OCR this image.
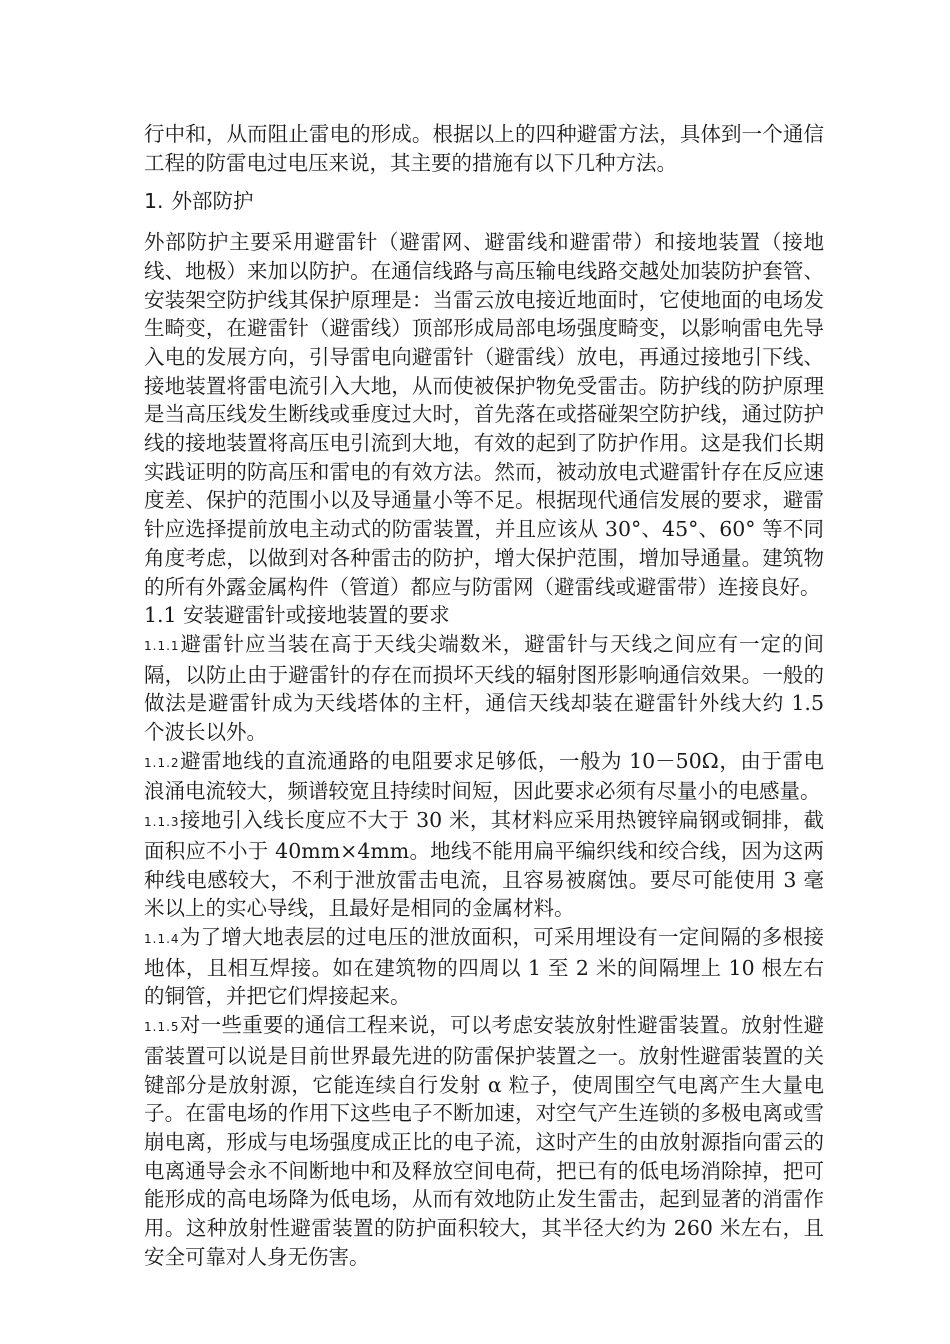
行中和，从而阻止雷电的形成。根据以上的四种避雷方法，具体到一个通信工程的防雷电过电压来说，其主要的措施有以下几种方法。

1. 外部防护

外部防护主要采用避雷针（避雷网、避雷线和避雷带）和接地装置（接地线、地极）来加以防护。在通信线路与高压输电线路交越处加装防护套管、安装架空防护线其保护原理是：当雷云放电接近地面时，它使地面的电场发生畸变，在避雷针（避雷线）顶部形成局部电场强度畸变，以影响雷电先导入电的发展方向，引导雷电向避雷针（避雷线）放电，再通过接地引下线、接地装置将雷电流引入大地，从而使被保护物免受雷击。防护线的防护原理是当高压线发生断线或垂度过大时，首先落在或搭碰架空防护线，通过防护线的接地装置将高压电引流到大地，有效的起到了防护作用。这是我们长期实践证明的防高压和雷电的有效方法。然而，被动放电式避雷针存在反应速度差、保护的范围小以及导通量小等不足。根据现代通信发展的要求，避雷针应选择提前放电主动式的防雷装置，并且应该从 30°、45°、60° 等不同角度考虑，以做到对各种雷击的防护，增大保护范围，增加导通量。建筑物的所有外露金属构件（管道）都应与防雷网（避雷线或避雷带）连接良好。

1.1 安装避雷针或接地装置的要求

1.1.1避雷针应当装在高于天线尖端数米，避雷针与天线之间应有一定的间隔，以防止由于避雷针的存在而损坏天线的辐射图形影响通信效果。一般的做法是避雷针成为天线塔体的主杆，通信天线却装在避雷针外线大约 1.5 个波长以外。

1.1.2避雷地线的直流通路的电阻要求足够低，一般为 10－50Ω，由于雷电浪涌电流较大，频谱较宽且持续时间短，因此要求必须有尽量小的电感量。

1.1.3接地引入线长度应不大于 30 米，其材料应采用热镀锌扁钢或铜排，截面积应不小于 40mm×4mm。地线不能用扁平编织线和绞合线，因为这两种线电感较大，不利于泄放雷击电流，且容易被腐蚀。要尽可能使用 3 毫米以上的实心导线，且最好是相同的金属材料。

1.1.4为了增大地表层的过电压的泄放面积，可采用埋设有一定间隔的多根接地体，且相互焊接。如在建筑物的四周以 1 至 2 米的间隔埋上 10 根左右的铜管，并把它们焊接起来。

1.1.5对一些重要的通信工程来说，可以考虑安装放射性避雷装置。放射性避雷装置可以说是目前世界最先进的防雷保护装置之一。放射性避雷装置的关键部分是放射源，它能连续自行发射 α 粒子，使周围空气电离产生大量电子。在雷电场的作用下这些电子不断加速，对空气产生连锁的多极电离或雪崩电离，形成与电场强度成正比的电子流，这时产生的由放射源指向雷云的电离通导会永不间断地中和及释放空间电荷，把已有的低电场消除掉，把可能形成的高电场降为低电场，从而有效地防止发生雷击，起到显著的消雷作用。这种放射性避雷装置的防护面积较大，其半径大约为 260 米左右，且安全可靠对人身无伤害。
